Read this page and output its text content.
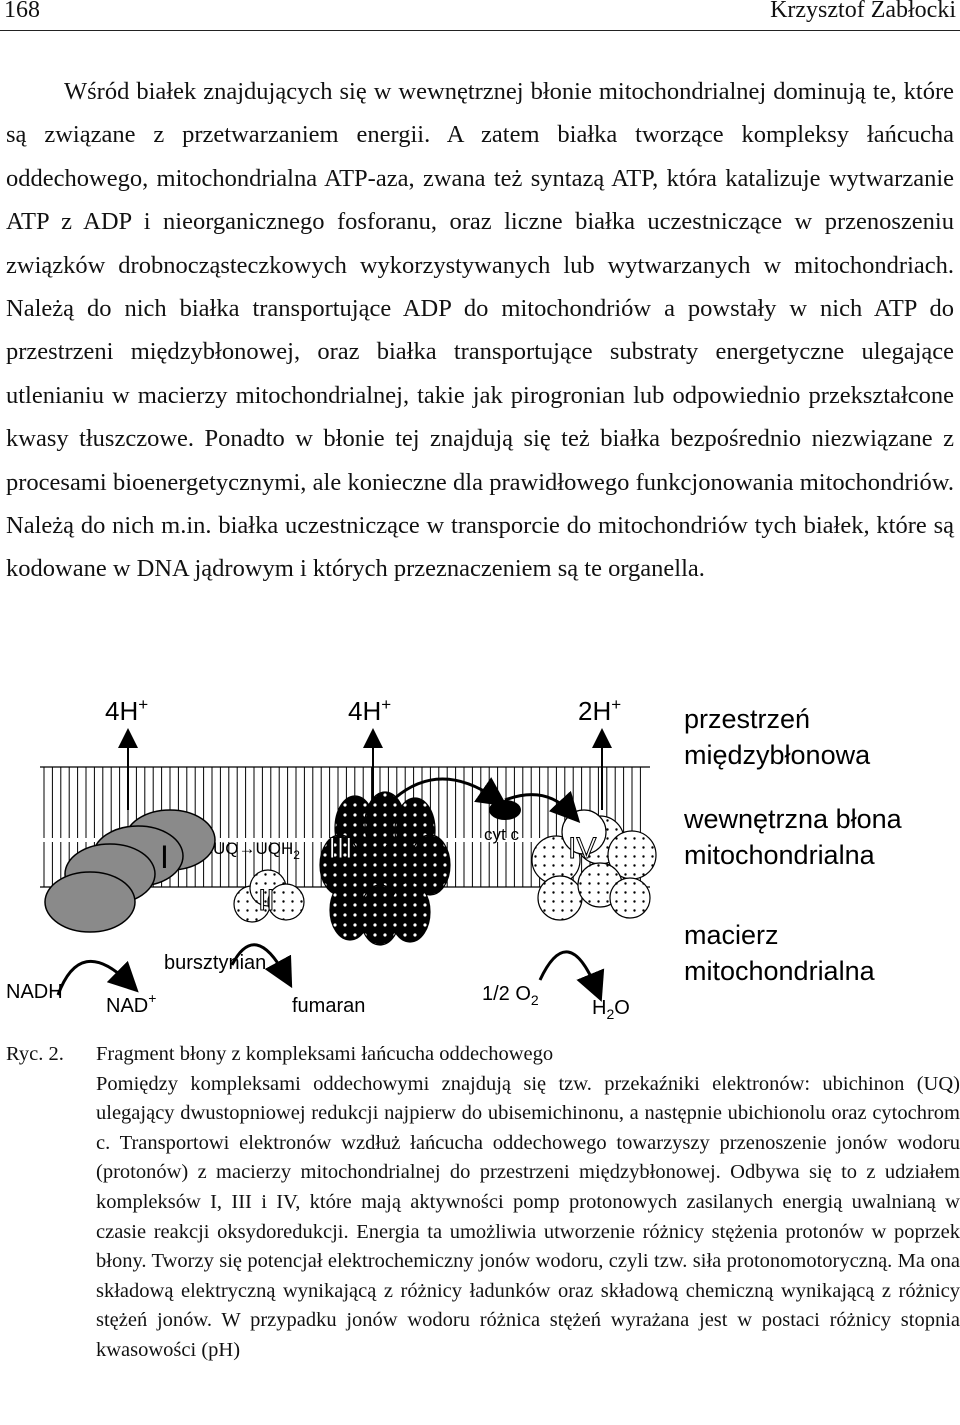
168	Krzysztof Zabłocki

Wśród białek znajdujących się w wewnętrznej błonie mitochondrialnej dominują te, które są związane z przetwarzaniem energii. A zatem białka tworzące kompleksy łańcucha oddechowego, mitochondrialna ATP-aza, zwana też syntazą ATP, która katalizuje wytwarzanie ATP z ADP i nieorganicznego fosforanu, oraz liczne białka uczestniczące w przenoszeniu związków drobnocząsteczkowych wykorzystywanych lub wytwarzanych w mitochondriach. Należą do nich białka transportujące ADP do mitochondriów a powstały w nich ATP do przestrzeni międzybłonowej, oraz białka transportujące substraty energetyczne ulegające utlenianiu w macierzy mitochondrialnej, takie jak pirogronian lub odpowiednio przekształcone kwasy tłuszczowe. Ponadto w błonie tej znajdują się też białka bezpośrednio niezwiązane z procesami bioenergetycznymi, ale konieczne dla prawidłowego funkcjonowania mitochondriów. Należą do nich m.in. białka uczestniczące w transporcie do mitochondriów tych białek, które są kodowane w DNA jądrowym i których przeznaczeniem są te organella.

I	$UQ\to UQH_2$
II
III	cyt c IV
4H+	4H+	2H+ przestrzeń
międzybłonowa
wewnętrzna błona
mitochondrialna
macierz
mitochondrialna
NADH
NAD+
bursztynian
fumaran
1/2 $O_2$	$H_2O$
Ryc. 2. Fragment błony z kompleksami łańcucha oddechowego
Pomiędzy kompleksami oddechowymi znajdują się tzw. przekaźniki elektronów: ubichinon (UQ) ulegający dwustopniowej redukcji najpierw do ubisemichinonu, a następnie ubichionolu oraz cytochrom c. Transportowi elektronów wzdłuż łańcucha oddechowego towarzyszy przenoszenie jonów wodoru (protonów) z macierzy mitochondrialnej do przestrzeni międzybłonowej. Odbywa się to z udziałem kompleksów I, III i IV, które mają aktywności pomp protonowych zasilanych energią uwalnianą w czasie reakcji oksydoredukcji. Energia ta umożliwia utworzenie różnicy stężenia protonów w poprzek błony. Tworzy się potencjał elektrochemiczny jonów wodoru, czyli tzw. siła protonomotoryczną. Ma ona składową elektryczną wynikającą z różnicy ładunków oraz składową chemiczną wynikającą z różnicy stężeń jonów. W przypadku jonów wodoru różnica stężeń wyrażana jest w postaci różnicy stopnia kwasowości (pH)
